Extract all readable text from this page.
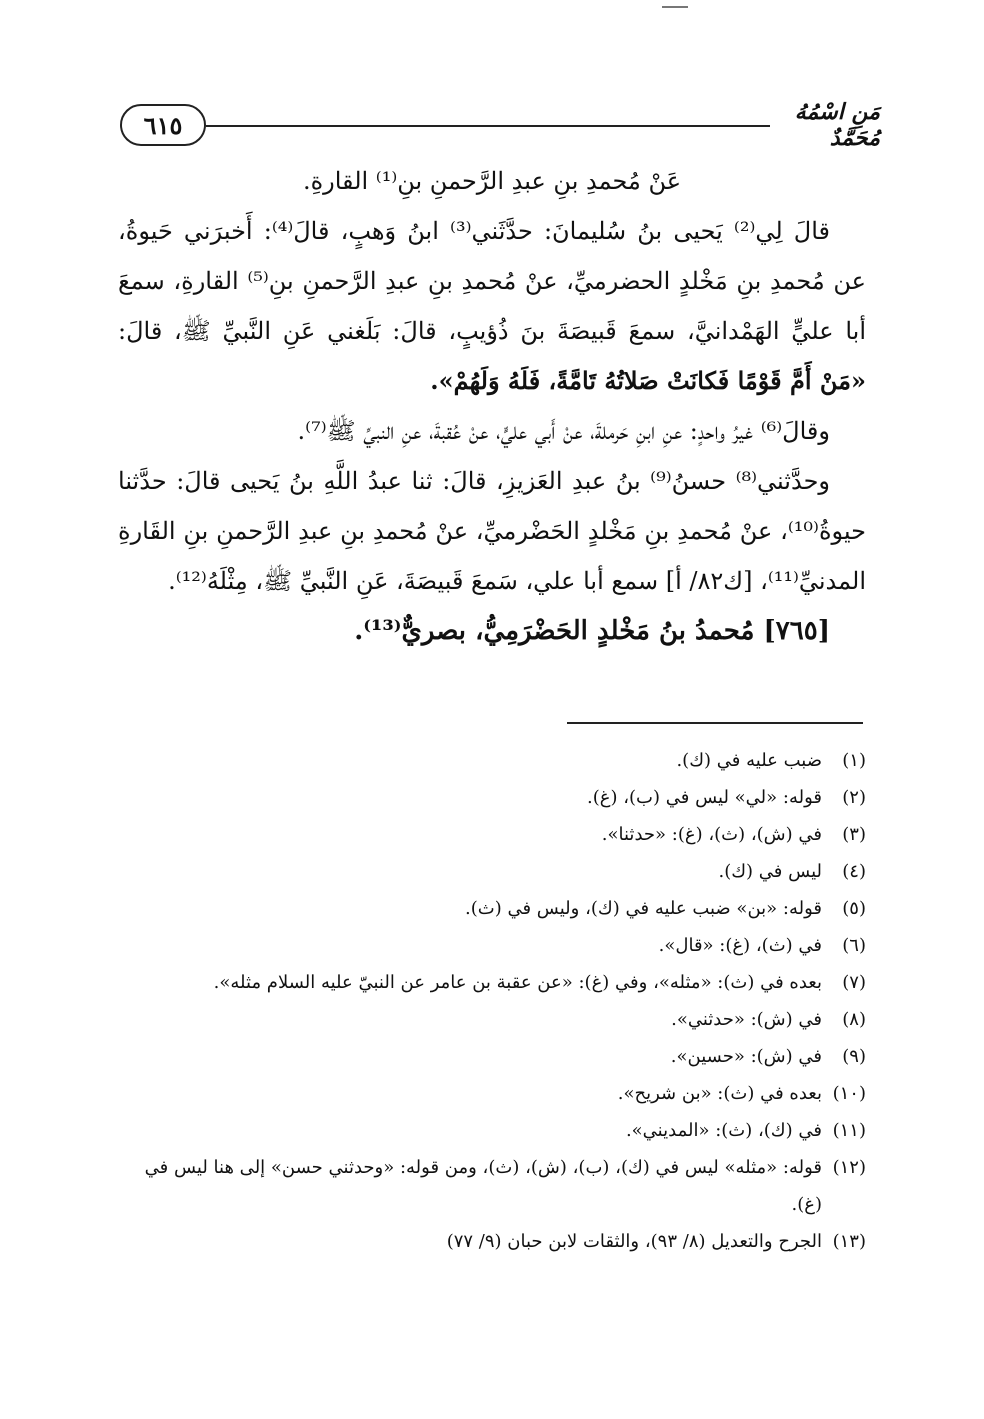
٦١٥	مَنِ اسْمُهُ مُحَمَّدٌ

عَنْ مُحمدِ بنِ عبدِ الرَّحمنِ بنِ⁽¹⁾ القارةِ.

قالَ لِي⁽²⁾ يَحيى بنُ سُليمانَ: حدَّثَني⁽³⁾ ابنُ وَهبٍ، قالَ⁽⁴⁾: أَخبرَني حَيوةُ، عن مُحمدِ بنِ مَخْلدٍ الحضرميِّ، عنْ مُحمدِ بنِ عبدِ الرَّحمنِ بنِ⁽⁵⁾ القارةِ، سمعَ أبا عليٍّ الهَمْدانيَّ، سمعَ قَبيصَةَ بنَ ذُؤيبٍ، قالَ: بَلَغني عَنِ النَّبيِّ ﷺ، قالَ: «مَنْ أَمَّ قَوْمًا فَكانَتْ صَلاتُهُ تَامَّةً، فَلَهُ وَلَهُمْ».

وقالَ⁽⁶⁾ غيرُ واحدٍ: عنِ ابنِ حَرملةَ، عنْ أَبي عليٍّ، عنْ عُقبةَ، عنِ النبيِّ ﷺ⁽⁷⁾.

وحدَّثني⁽⁸⁾ حسنُ⁽⁹⁾ بنُ عبدِ العَزيزِ، قالَ: ثنا عبدُ اللَّهِ بنُ يَحيى قالَ: حدَّثنا حيوةُ⁽¹⁰⁾، عنْ مُحمدِ بنِ مَخْلدٍ الحَضْرميِّ، عنْ مُحمدِ بنِ عبدِ الرَّحمنِ بنِ القَارةِ المدنيِّ⁽¹¹⁾، [ك٨٢/ أ] سمع أبا علي، سَمعَ قَبيصَةَ، عَنِ النَّبيِّ ﷺ، مِثْلَهُ⁽¹²⁾.

[٧٦٥] مُحمدُ بنُ مَخْلدٍ الحَضْرَمِيُّ، بصريٌّ⁽¹³⁾.

(١)
ضبب عليه في (ك).
(٢)
قوله: «لي» ليس في (ب)، (غ).
(٣)
في (ش)، (ث)، (غ): «حدثنا».
(٤)
ليس في (ك).
(٥)
قوله: «بن» ضبب عليه في (ك)، وليس في (ث).
(٦)
في (ث)، (غ): «قال».
(٧)
بعده في (ث): «مثله»، وفي (غ): «عن عقبة بن عامر عن النبيّ عليه السلام مثله».
(٨)
في (ش): «حدثني».
(٩)
في (ش): «حسين».
(١٠)
بعده في (ث): «بن شريح».
(١١)
في (ك)، (ث): «المديني».
(١٢)
قوله: «مثله» ليس في (ك)، (ب)، (ش)، (ث)، ومن قوله: «وحدثني حسن» إلى هنا ليس في (غ).
(١٣)
الجرح والتعديل (٨/ ٩٣)، والثقات لابن حبان (٩/ ٧٧)
